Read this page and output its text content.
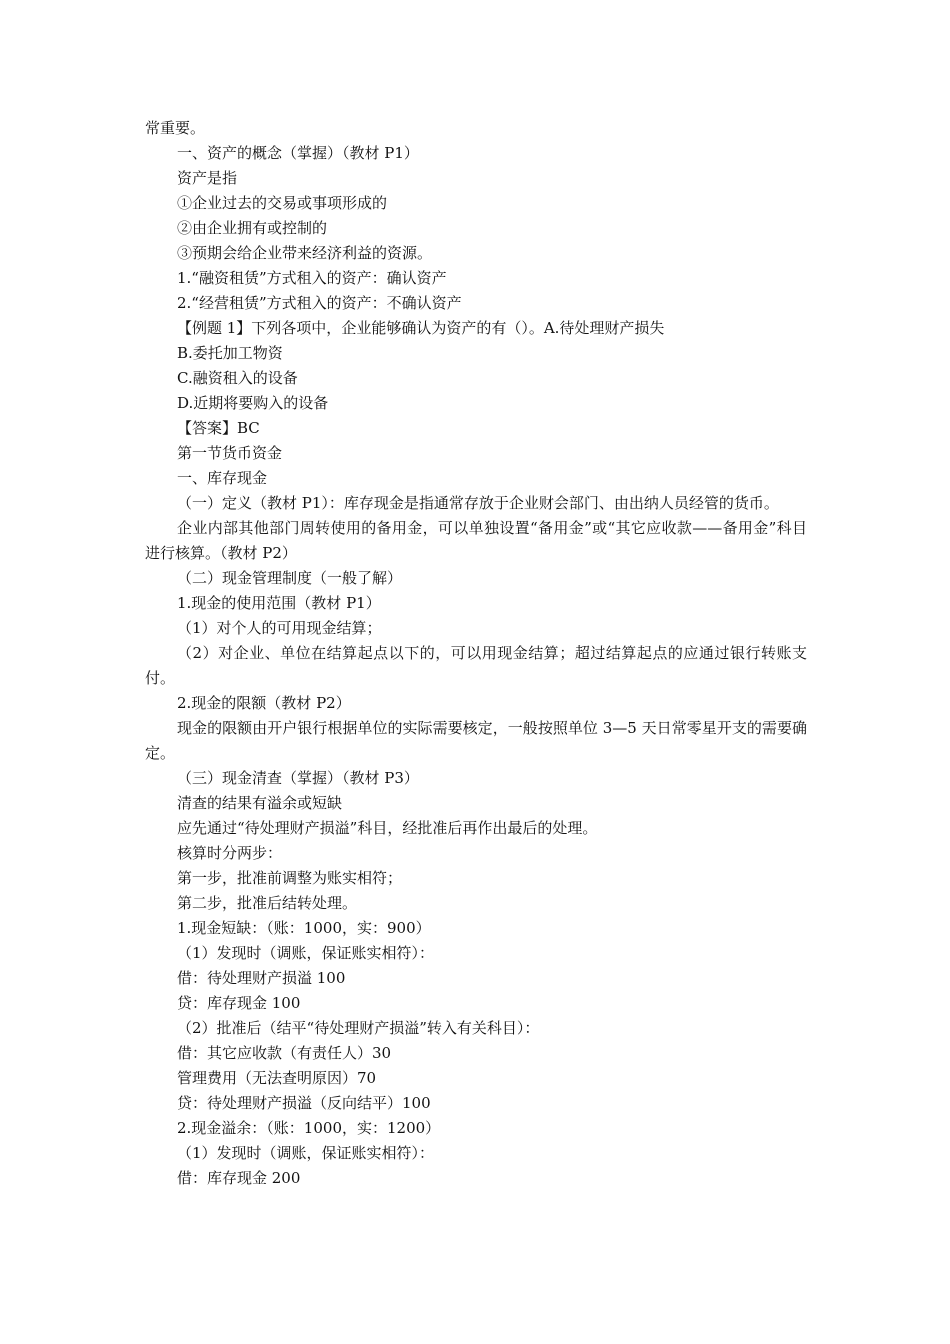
常重要。

一、资产的概念（掌握）（教材 P1）

资产是指

①企业过去的交易或事项形成的

②由企业拥有或控制的

③预期会给企业带来经济利益的资源。

1.“融资租赁”方式租入的资产：确认资产

2.“经营租赁”方式租入的资产：不确认资产

【例题 1】下列各项中，企业能够确认为资产的有（）。A.待处理财产损失

B.委托加工物资

C.融资租入的设备

D.近期将要购入的设备

【答案】BC

第一节货币资金

一、库存现金

（一）定义（教材 P1）：库存现金是指通常存放于企业财会部门、由出纳人员经管的货币。

企业内部其他部门周转使用的备用金，可以单独设置“备用金”或“其它应收款——备用金”科目进行核算。（教材 P2）

（二）现金管理制度（一般了解）

1.现金的使用范围（教材 P1）

（1）对个人的可用现金结算；

（2）对企业、单位在结算起点以下的，可以用现金结算；超过结算起点的应通过银行转账支付。

2.现金的限额（教材 P2）

现金的限额由开户银行根据单位的实际需要核定，一般按照单位 3—5 天日常零星开支的需要确定。

（三）现金清查（掌握）（教材 P3）

清查的结果有溢余或短缺

应先通过“待处理财产损溢”科目，经批准后再作出最后的处理。

核算时分两步：

第一步，批准前调整为账实相符；

第二步，批准后结转处理。

1.现金短缺：（账：1000，实：900）

（1）发现时（调账，保证账实相符）：

借：待处理财产损溢 100

贷：库存现金 100

（2）批准后（结平“待处理财产损溢”转入有关科目）：

借：其它应收款（有责任人）30

管理费用（无法查明原因）70

贷：待处理财产损溢（反向结平）100

2.现金溢余：（账：1000，实：1200）

（1）发现时（调账，保证账实相符）：

借：库存现金 200
